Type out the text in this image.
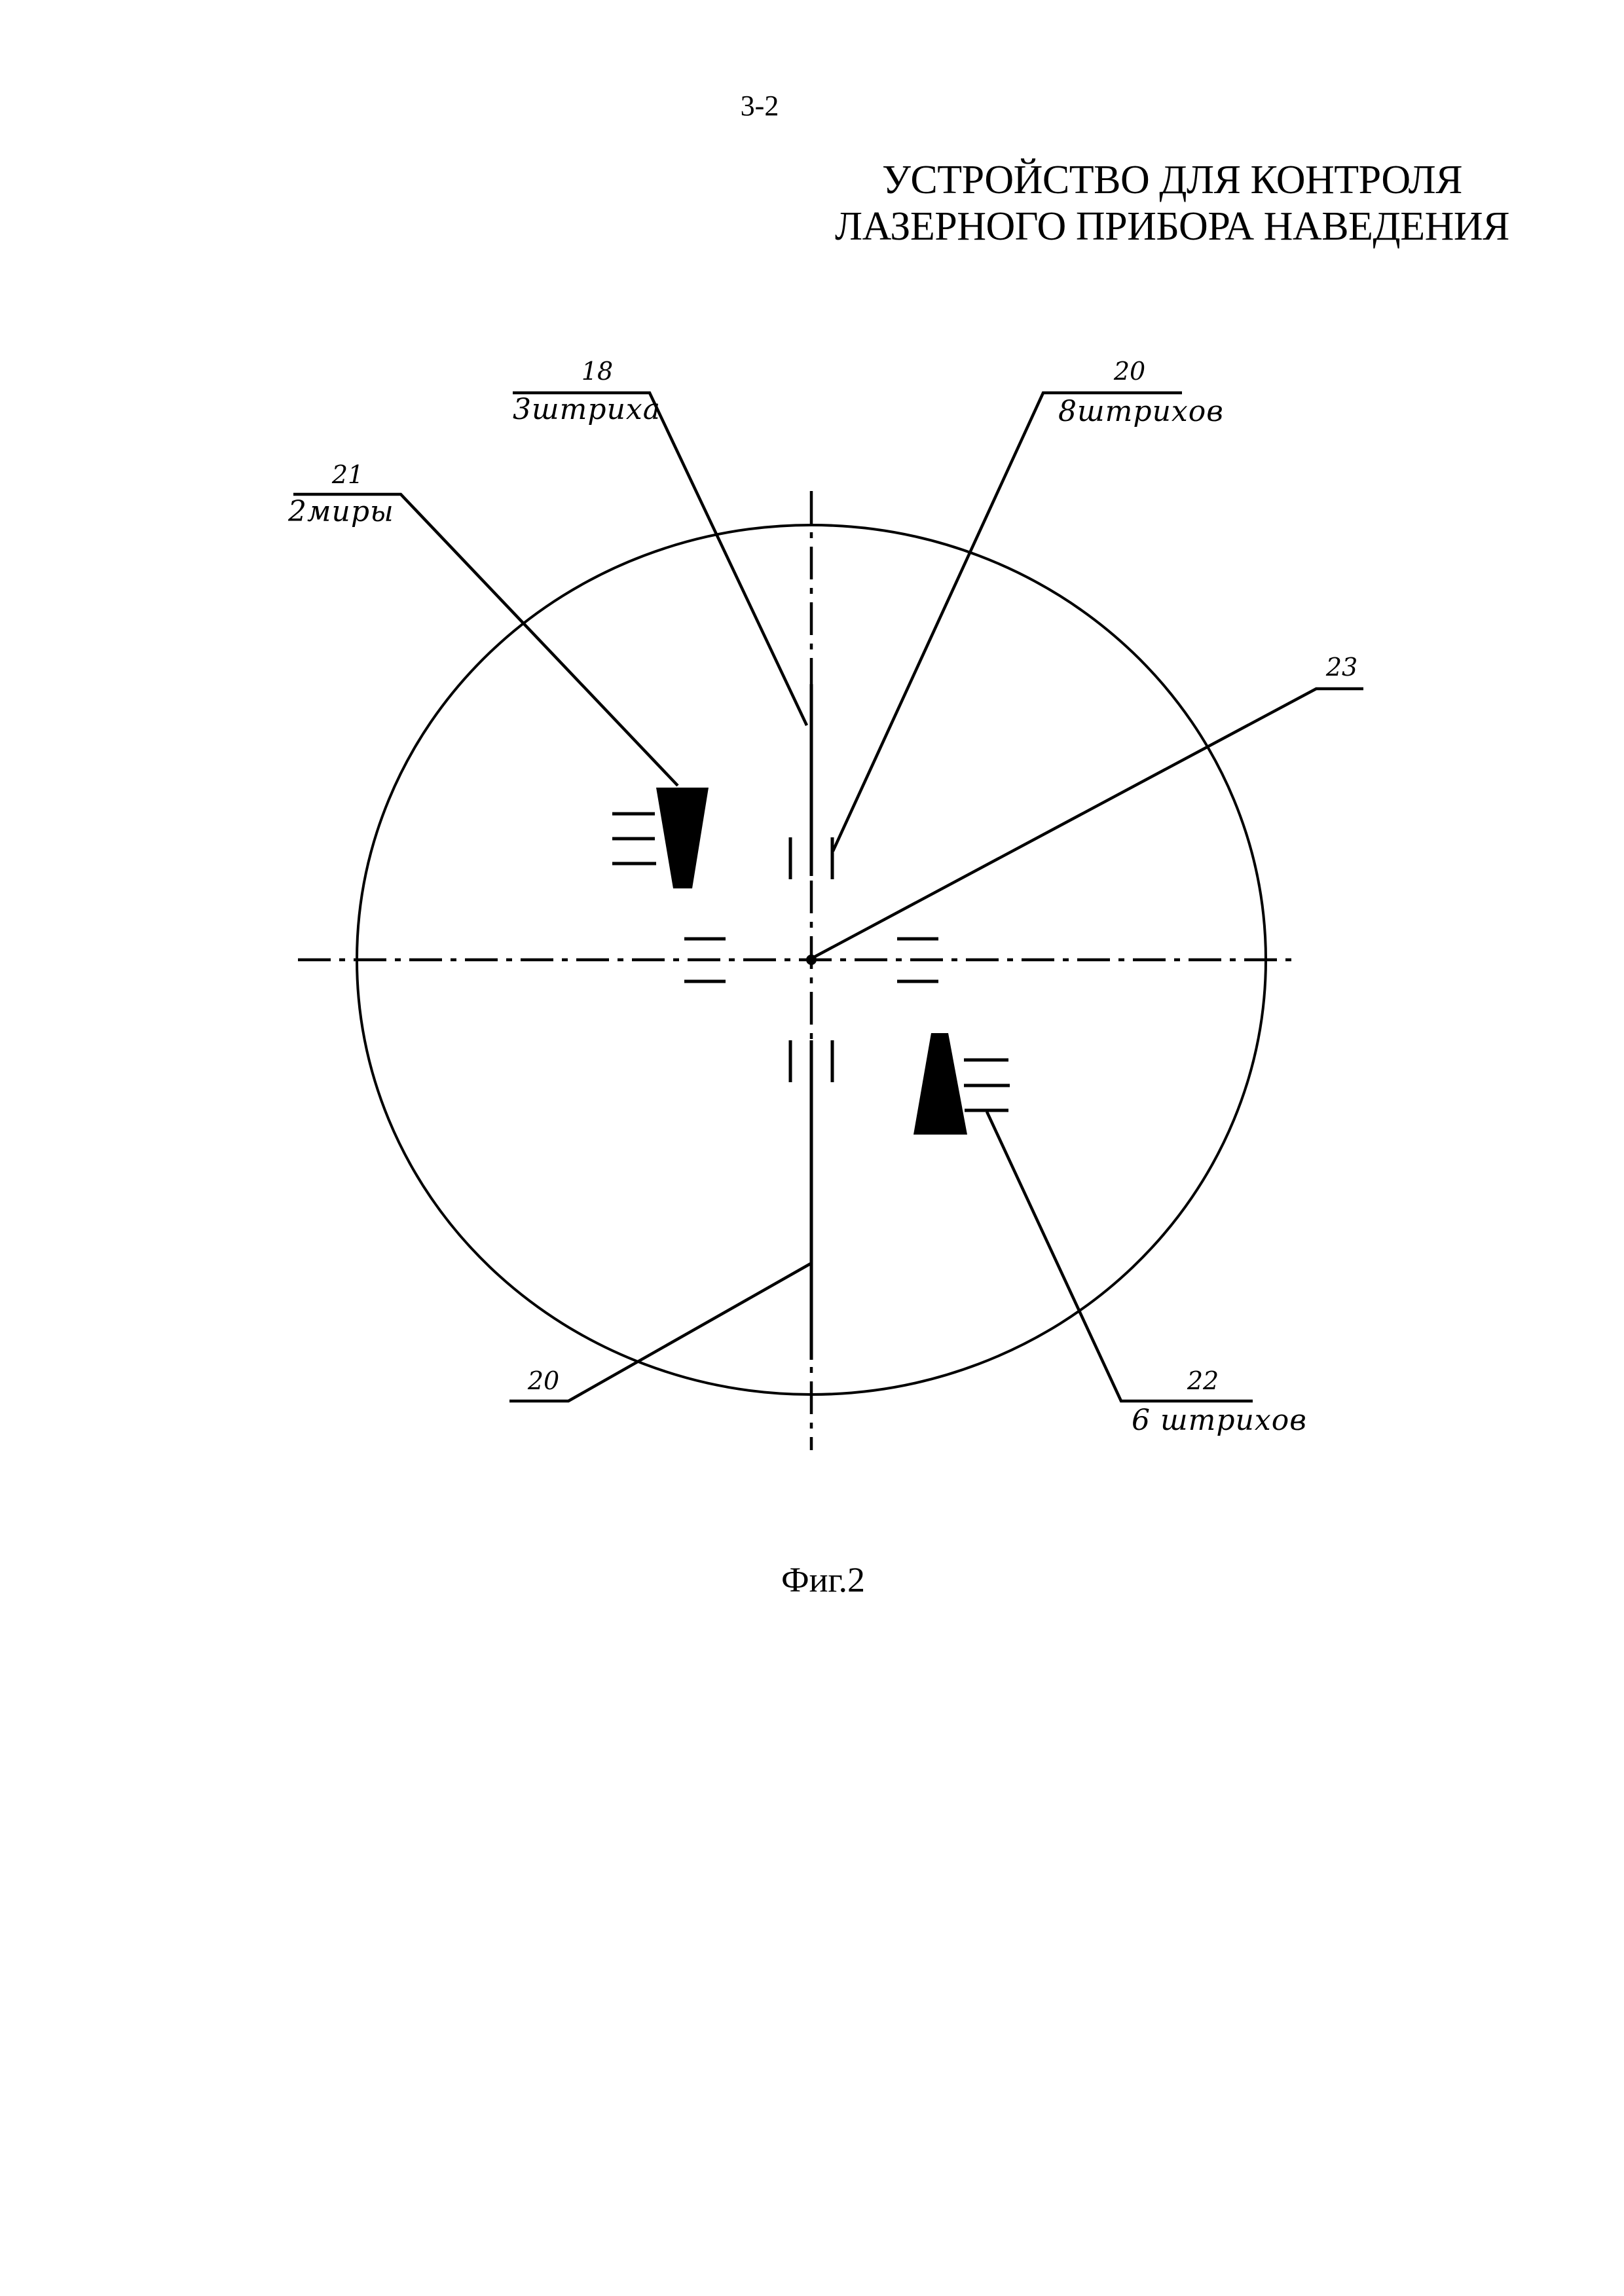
3-2
УСТРОЙСТВО ДЛЯ КОНТРОЛЯ
ЛАЗЕРНОГО ПРИБОРА НАВЕДЕНИЯ
18
3штриха
20
8штрихов
21
2миры
23
20	22
6 штрихов
Фиг.2
